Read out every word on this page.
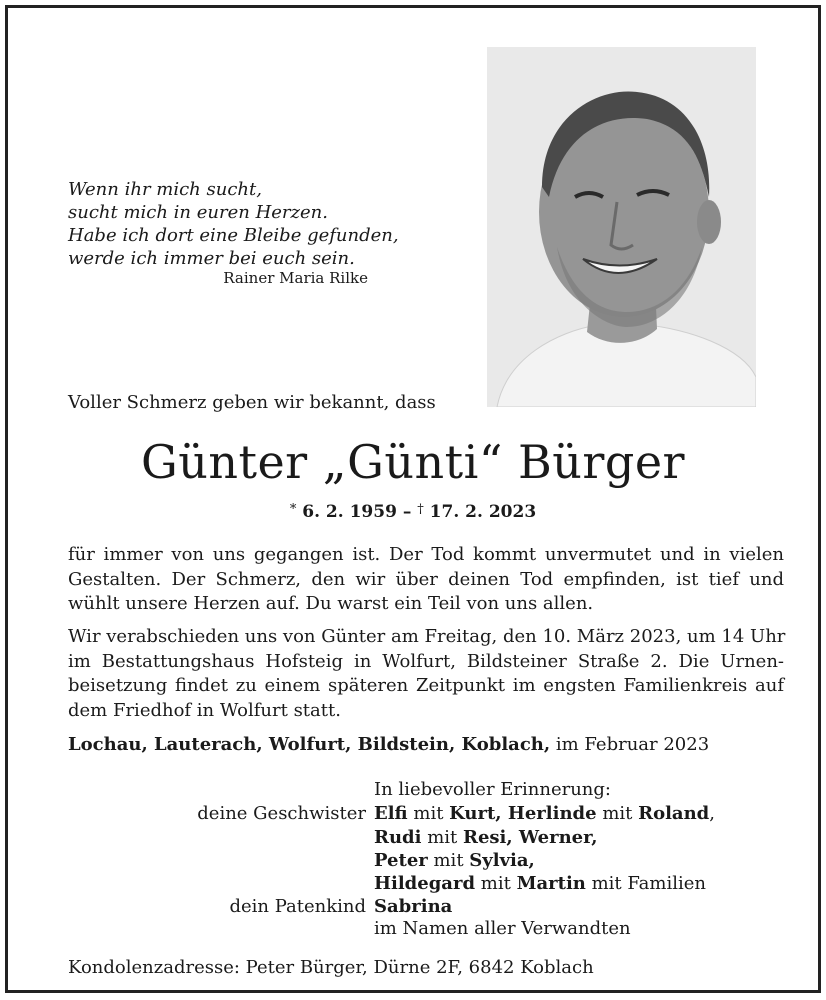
Wenn ihr mich sucht,
sucht mich in euren Herzen.
Habe ich dort eine Bleibe gefunden,
werde ich immer bei euch sein.
Rainer Maria Rilke
Voller Schmerz geben wir bekannt, dass
Günter „Günti“ Bürger
* 6. 2. 1959 – † 17. 2. 2023
für immer von uns gegangen ist. Der Tod kommt unvermutet und in vielen
Gestalten. Der Schmerz, den wir über deinen Tod empfinden, ist tief und
wühlt unsere Herzen auf. Du warst ein Teil von uns allen.
Wir verabschieden uns von Günter am Freitag, den 10. März 2023, um 14 Uhr
im Bestattungshaus Hofsteig in Wolfurt, Bildsteiner Straße 2. Die Urnen-
beisetzung findet zu einem späteren Zeitpunkt im engsten Familienkreis auf
dem Friedhof in Wolfurt statt.
Lochau, Lauterach, Wolfurt, Bildstein, Koblach, im Februar 2023
In liebevoller Erinnerung:
deine Geschwister Elfi mit Kurt, Herlinde mit Roland,
Rudi mit Resi, Werner,
Peter mit Sylvia,
Hildegard mit Martin mit Familien
dein Patenkind Sabrina
im Namen aller Verwandten
Kondolenzadresse: Peter Bürger, Dürne 2F, 6842 Koblach
